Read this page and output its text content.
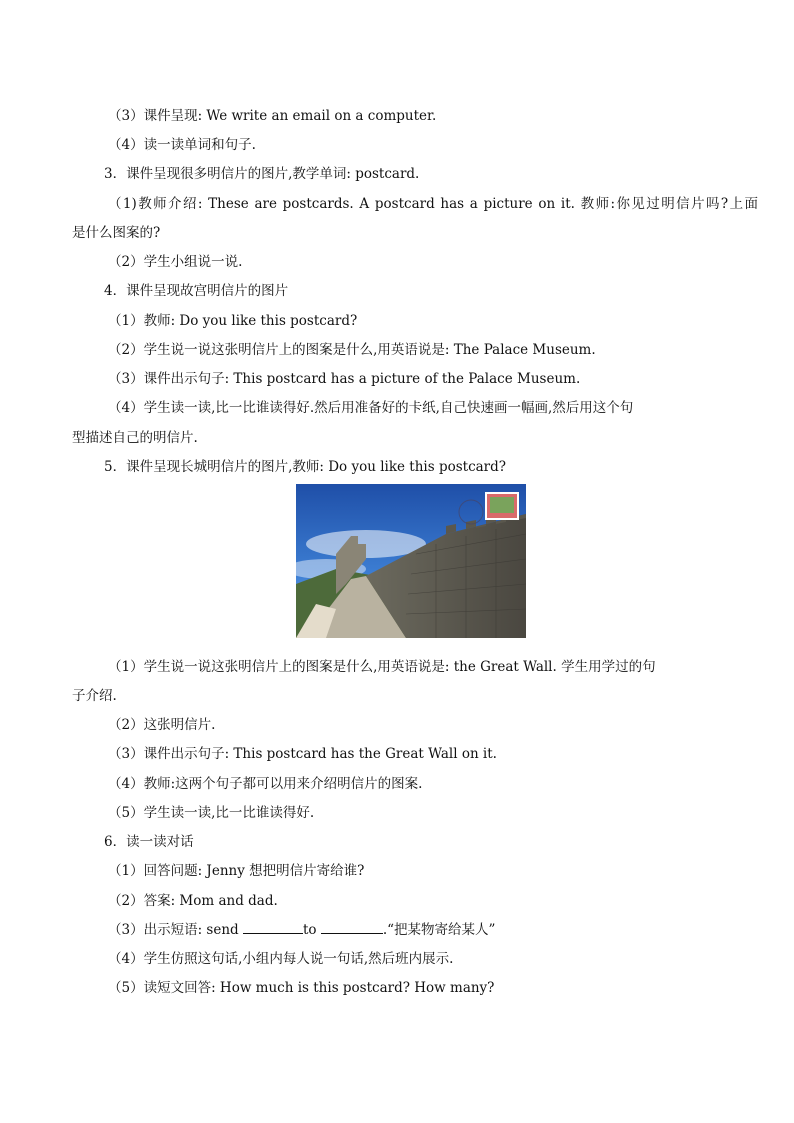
（3）课件呈现: We write an email on a computer.
（4）读一读单词和句子.
3．课件呈现很多明信片的图片,教学单词: postcard.
（1)教师介绍: These are postcards. A postcard has a picture on it. 教师:你见过明信片吗?上面
是什么图案的?
（2）学生小组说一说.
4．课件呈现故宫明信片的图片
（1）教师: Do you like this postcard?
（2）学生说一说这张明信片上的图案是什么,用英语说是: The Palace Museum.
（3）课件出示句子: This postcard has a picture of the Palace Museum.
（4）学生读一读,比一比谁读得好.然后用准备好的卡纸,自己快速画一幅画,然后用这个句
型描述自己的明信片.
5．课件呈现长城明信片的图片,教师: Do you like this postcard?
（1）学生说一说这张明信片上的图案是什么,用英语说是: the Great Wall. 学生用学过的句
子介绍.
（2）这张明信片.
（3）课件出示句子: This postcard has the Great Wall on it.
（4）教师:这两个句子都可以用来介绍明信片的图案.
（5）学生读一读,比一比谁读得好.
6．读一读对话
（1）回答问题: Jenny 想把明信片寄给谁?
（2）答案: Mom and dad.
（3）出示短语: send	to	.“把某物寄给某人”
（4）学生仿照这句话,小组内每人说一句话,然后班内展示.
（5）读短文回答: How much is this postcard? How many?
